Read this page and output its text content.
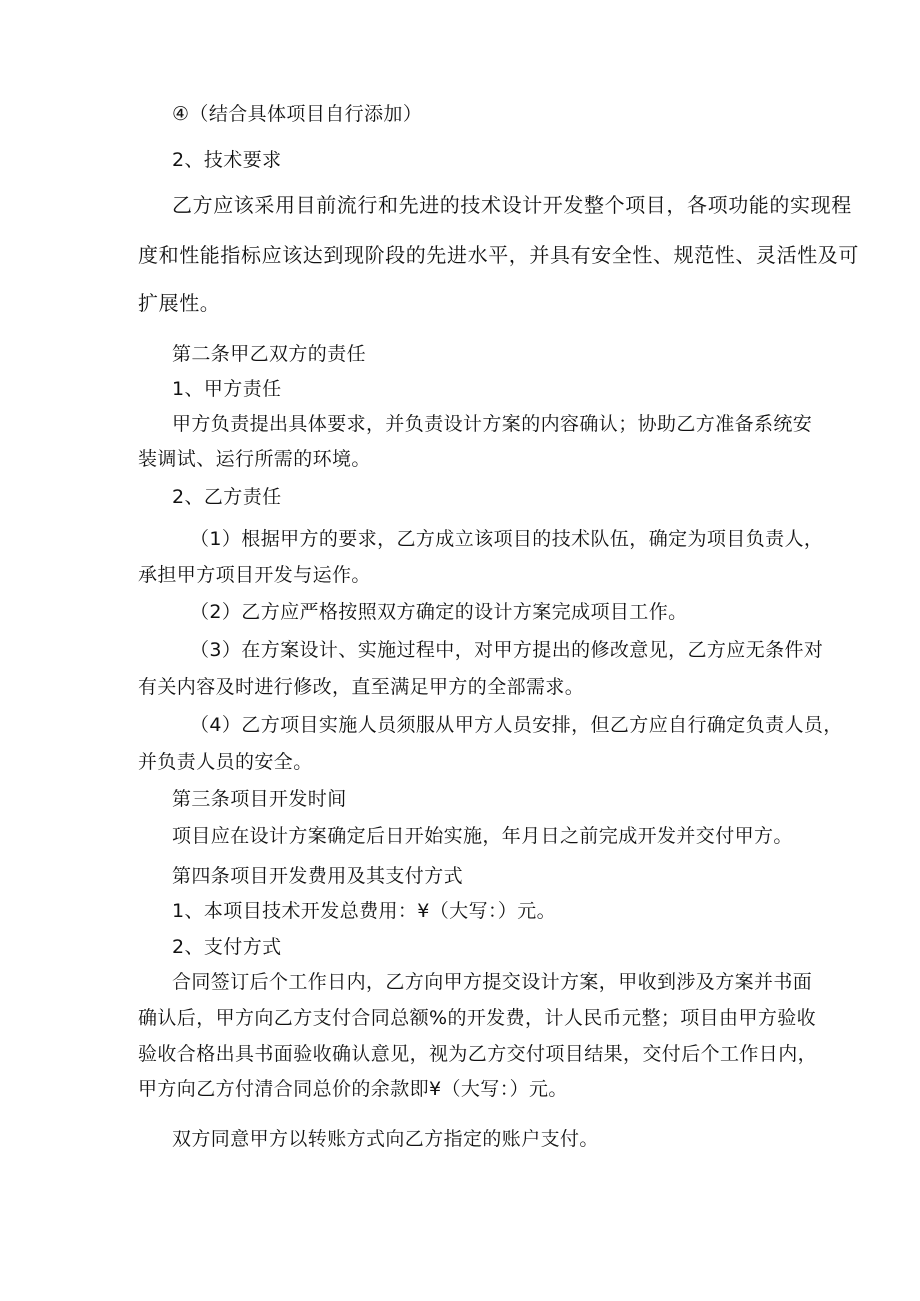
④（结合具体项目自行添加）
2、技术要求
乙方应该采用目前流行和先进的技术设计开发整个项目，各项功能的实现程
度和性能指标应该达到现阶段的先进水平，并具有安全性、规范性、灵活性及可
扩展性。
第二条甲乙双方的责任
1、甲方责任
甲方负责提出具体要求，并负责设计方案的内容确认；协助乙方准备系统安
装调试、运行所需的环境。
2、乙方责任
（1）根据甲方的要求，乙方成立该项目的技术队伍，确定为项目负责人，
承担甲方项目开发与运作。
（2）乙方应严格按照双方确定的设计方案完成项目工作。
（3）在方案设计、实施过程中，对甲方提出的修改意见，乙方应无条件对
有关内容及时进行修改，直至满足甲方的全部需求。
（4）乙方项目实施人员须服从甲方人员安排，但乙方应自行确定负责人员，
并负责人员的安全。
第三条项目开发时间
项目应在设计方案确定后日开始实施，年月日之前完成开发并交付甲方。
第四条项目开发费用及其支付方式
1、本项目技术开发总费用：¥（大写：）元。
2、支付方式
合同签订后个工作日内，乙方向甲方提交设计方案，甲收到涉及方案并书面
确认后，甲方向乙方支付合同总额%的开发费，计人民币元整；项目由甲方验收
验收合格出具书面验收确认意见，视为乙方交付项目结果，交付后个工作日内，
甲方向乙方付清合同总价的余款即¥（大写：）元。
双方同意甲方以转账方式向乙方指定的账户支付。
